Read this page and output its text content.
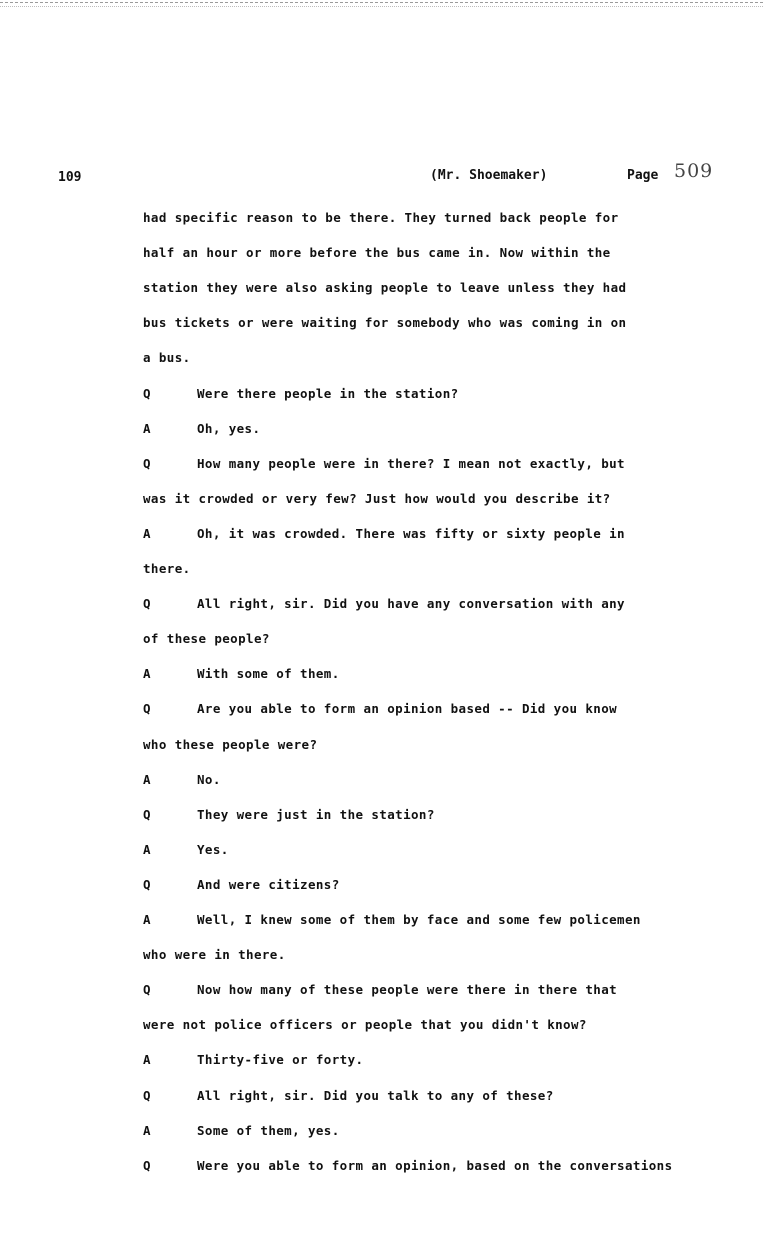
109	(Mr. Shoemaker)	Page 509
had specific reason to be there. They turned back people for
half an hour or more before the bus came in. Now within the
station they were also asking people to leave unless they had
bus tickets or were waiting for somebody who was coming in on
a bus.
Q	Were there people in the station?
A	Oh, yes.
Q	How many people were in there? I mean not exactly, but
was it crowded or very few? Just how would you describe it?
A	Oh, it was crowded. There was fifty or sixty people in
there.
Q	All right, sir. Did you have any conversation with any
of these people?
A	With some of them.
Q	Are you able to form an opinion based -- Did you know
who these people were?
A	No.
Q	They were just in the station?
A	Yes.
Q	And were citizens?
A	Well, I knew some of them by face and some few policemen
who were in there.
Q	Now how many of these people were there in there that
were not police officers or people that you didn't know?
A	Thirty-five or forty.
Q	All right, sir. Did you talk to any of these?
A	Some of them, yes.
Q	Were you able to form an opinion, based on the conversations
